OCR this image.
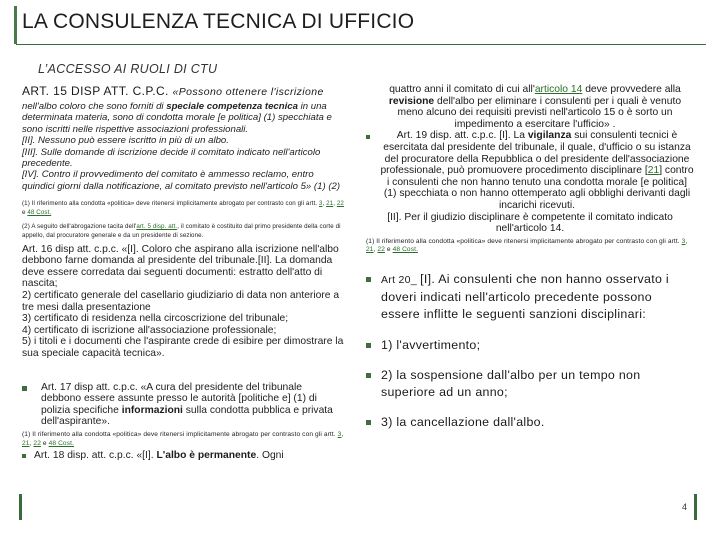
LA CONSULENZA TECNICA DI UFFICIO
L’ACCESSO AI RUOLI DI CTU
ART. 15 DISP ATT. C.P.C. «Possono ottenere l'iscrizione
nell'albo coloro che sono forniti di speciale competenza tecnica in una determinata materia, sono di condotta morale [e politica] (1) specchiata e sono iscritti nelle rispettive associazioni professionali.
[II]. Nessuno può essere iscritto in più di un albo.
[III]. Sulle domande di iscrizione decide il comitato indicato nell'articolo precedente.
[IV]. Contro il provvedimento del comitato è ammesso reclamo, entro quindici giorni dalla notificazione, al comitato previsto nell'articolo 5» (1) (2)
(1) Il riferimento alla condotta «politica» deve ritenersi implicitamente abrogato per contrasto con gli artt. 3, 21, 22 e 48 Cost.
(2) A seguito dell'abrogazione tacita dell'art. 5 disp. att., il comitato è costituito dal primo presidente della corte di appello, dal procuratore generale e da un presidente di sezione.
Art. 16 disp att. c.p.c. «[I]. Coloro che aspirano alla iscrizione nell'albo debbono farne domanda al presidente del tribunale.[II]. La domanda deve essere corredata dai seguenti documenti: estratto dell'atto di nascita;
2) certificato generale del casellario giudiziario di data non anteriore a tre mesi dalla presentazione
3) certificato di residenza nella circoscrizione del tribunale;
4) certificato di iscrizione all'associazione professionale;
5) i titoli e i documenti che l'aspirante crede di esibire per dimostrare la sua speciale capacità tecnica».
Art. 17 disp att. c.p.c. «A cura del presidente del tribunale debbono essere assunte presso le autorità [politiche e] (1) di polizia specifiche informazioni sulla condotta pubblica e privata dell'aspirante».
(1) Il riferimento alla condotta «politica» deve ritenersi implicitamente abrogato per contrasto con gli artt. 3, 21, 22 e 48 Cost.
Art. 18 disp. att. c.p.c. «[I]. L'albo è permanente. Ogni
quattro anni il comitato di cui all'articolo 14 deve provvedere alla revisione dell'albo per eliminare i consulenti per i quali è venuto meno alcuno dei requisiti previsti nell'articolo 15 o è sorto un impedimento a esercitare l'ufficio» .
Art. 19 disp. att. c.p.c. [I]. La vigilanza sui consulenti tecnici è esercitata dal presidente del tribunale, il quale, d'ufficio o su istanza del procuratore della Repubblica o del presidente dell'associazione professionale, può promuovere procedimento disciplinare [21] contro i consulenti che non hanno tenuto una condotta morale [e politica] (1) specchiata o non hanno ottemperato agli obblighi derivanti dagli incarichi ricevuti.
[II]. Per il giudizio disciplinare è competente il comitato indicato nell'articolo 14.
(1) Il riferimento alla condotta «politica» deve ritenersi implicitamente abrogato per contrasto con gli artt. 3, 21, 22 e 48 Cost.
Art 20_ [I]. Ai consulenti che non hanno osservato i doveri indicati nell'articolo precedente possono essere inflitte le seguenti sanzioni disciplinari:
1) l'avvertimento;
2) la sospensione dall'albo per un tempo non superiore ad un anno;
3) la cancellazione dall'albo.
4
